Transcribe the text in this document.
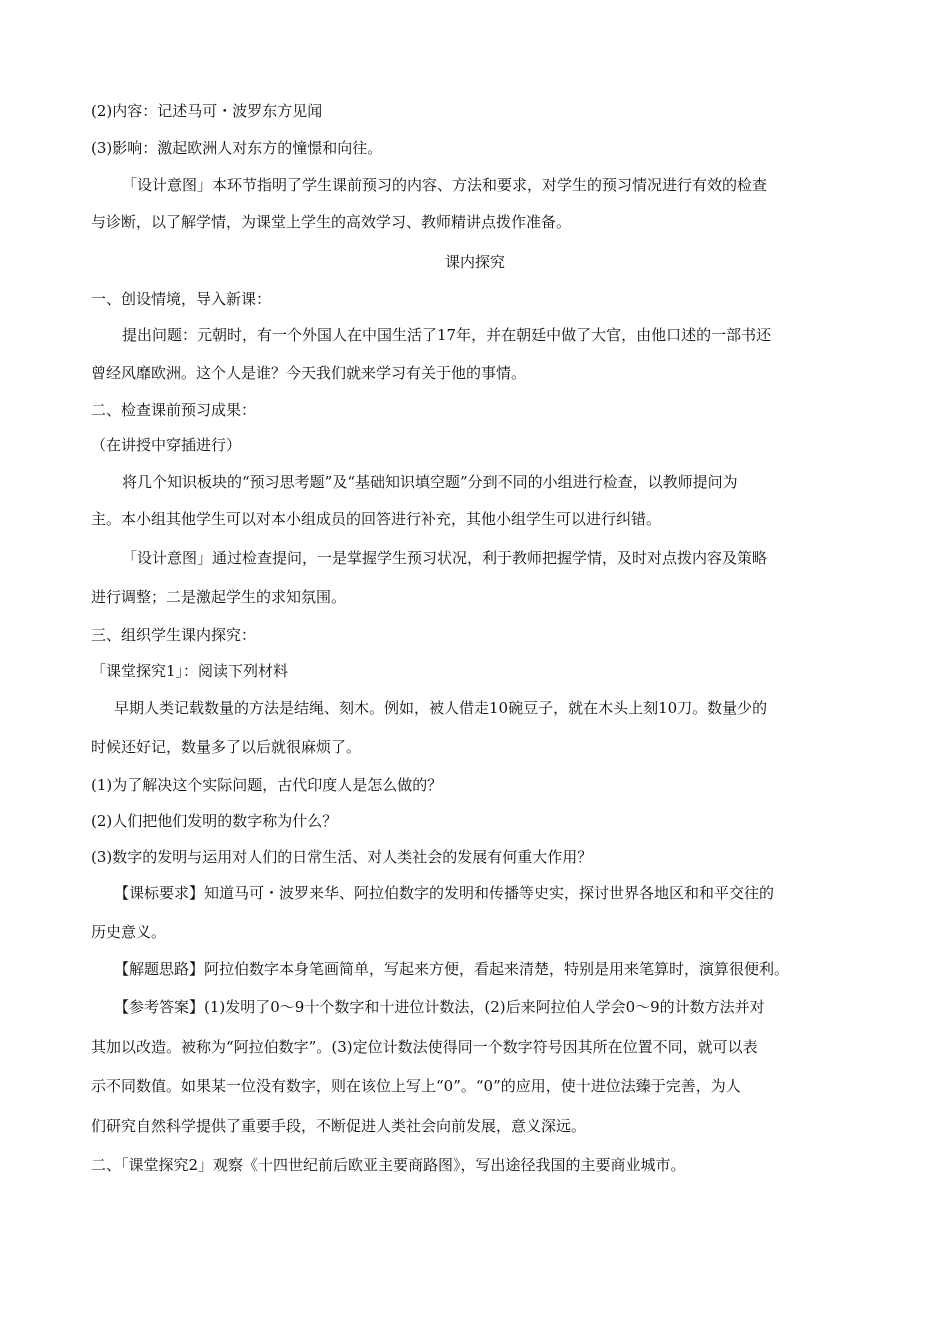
(2)内容：记述马可・波罗东方见闻
(3)影响：激起欧洲人对东方的憧憬和向往。
「设计意图」本环节指明了学生课前预习的内容、方法和要求，对学生的预习情况进行有效的检查
与诊断，以了解学情，为课堂上学生的高效学习、教师精讲点拨作准备。
课内探究
一、创设情境，导入新课：
提出问题：元朝时，有一个外国人在中国生活了17年，并在朝廷中做了大官，由他口述的一部书还
曾经风靡欧洲。这个人是谁？今天我们就来学习有关于他的事情。
二、检查课前预习成果：
（在讲授中穿插进行）
将几个知识板块的“预习思考题”及“基础知识填空题”分到不同的小组进行检查，以教师提问为
主。本小组其他学生可以对本小组成员的回答进行补充，其他小组学生可以进行纠错。
「设计意图」通过检查提问，一是掌握学生预习状况，利于教师把握学情，及时对点拨内容及策略
进行调整；二是激起学生的求知氛围。
三、组织学生课内探究：
「课堂探究1」：阅读下列材料
早期人类记载数量的方法是结绳、刻木。例如，被人借走10碗豆子，就在木头上刻10刀。数量少的
时候还好记，数量多了以后就很麻烦了。
(1)为了解决这个实际问题，古代印度人是怎么做的？
(2)人们把他们发明的数字称为什么？
(3)数字的发明与运用对人们的日常生活、对人类社会的发展有何重大作用？
【课标要求】知道马可・波罗来华、阿拉伯数字的发明和传播等史实，探讨世界各地区和和平交往的
历史意义。
【解题思路】阿拉伯数字本身笔画简单，写起来方便，看起来清楚，特别是用来笔算时，演算很便利。
【参考答案】(1)发明了0～9十个数字和十进位计数法，(2)后来阿拉伯人学会0～9的计数方法并对
其加以改造。被称为“阿拉伯数字”。(3)定位计数法使得同一个数字符号因其所在位置不同，就可以表
示不同数值。如果某一位没有数字，则在该位上写上“0”。“0”的应用，使十进位法臻于完善，为人
们研究自然科学提供了重要手段，不断促进人类社会向前发展，意义深远。
二、「课堂探究2」观察《十四世纪前后欧亚主要商路图》，写出途径我国的主要商业城市。
